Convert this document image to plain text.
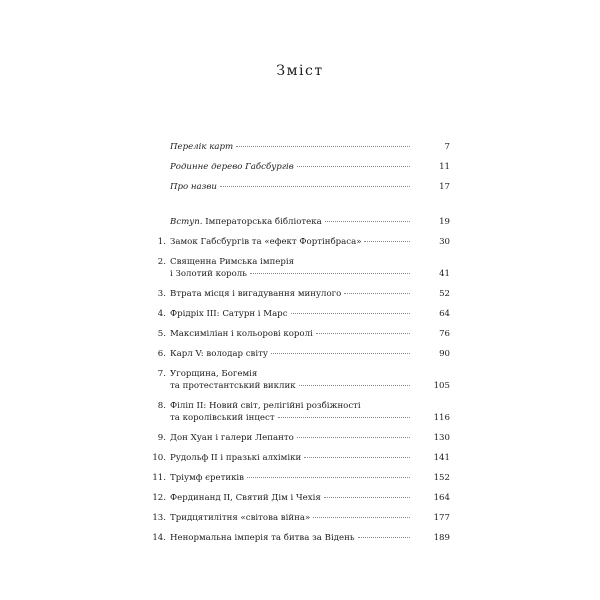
Зміст
Перелік карт	7
Родинне дерево Габсбургів	11
Про назви	17
Вступ. Імператорська бібліотека	19
1. Замок Габсбургів та «ефект Фортінбраса»	30
2. Священна Римська імперія
і Золотий король	41
3. Втрата місця і вигадування минулого	52
4. Фрідріх ІІІ: Сатурн і Марс	64
5. Максиміліан і кольорові королі	76
6. Карл V: володар світу	90
7. Угорщина, Богемія
та протестантський виклик	105
8. Філіп ІІ: Новий світ, релігійні розбіжності
та королівський інцест	116
9. Дон Хуан і галери Лепанто	130
10. Рудольф ІІ і празькі алхіміки	141
11. Тріумф єретиків	152
12. Фердинанд ІІ, Святий Дім і Чехія	164
13. Тридцятилітня «світова війна»	177
14. Ненормальна імперія та битва за Відень	189
